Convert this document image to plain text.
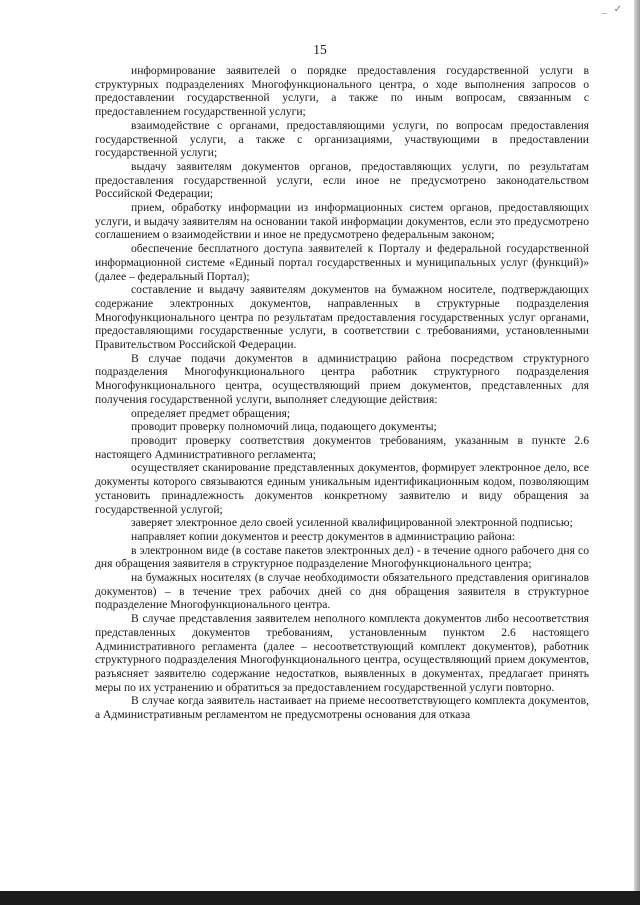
_ ✓
15

информирование заявителей о порядке предоставления государственной услуги в структурных подразделениях Многофункционального центра, о ходе выполнения запросов о предоставлении государственной услуги, а также по иным вопросам, связанным с предоставлением государственной услуги;

взаимодействие с органами, предоставляющими услуги, по вопросам предоставления государственной услуги, а также с организациями, участвующими в предоставлении государственной услуги;

выдачу заявителям документов органов, предоставляющих услуги, по результатам предоставления государственной услуги, если иное не предусмотрено законодательством Российской Федерации;

прием, обработку информации из информационных систем органов, предоставляющих услуги, и выдачу заявителям на основании такой информации документов, если это предусмотрено соглашением о взаимодействии и иное не предусмотрено федеральным законом;

обеспечение бесплатного доступа заявителей к Порталу и федеральной государственной информационной системе «Единый портал государственных и муниципальных услуг (функций)» (далее – федеральный Портал);

составление и выдачу заявителям документов на бумажном носителе, подтверждающих содержание электронных документов, направленных в структурные подразделения Многофункционального центра по результатам предоставления государственных услуг органами, предоставляющими государственные услуги, в соответствии с требованиями, установленными Правительством Российской Федерации.

В случае подачи документов в администрацию района посредством структурного подразделения Многофункционального центра работник структурного подразделения Многофункционального центра, осуществляющий прием документов, представленных для получения государственной услуги, выполняет следующие действия:

определяет предмет обращения;

проводит проверку полномочий лица, подающего документы;

проводит проверку соответствия документов требованиям, указанным в пункте 2.6 настоящего Административного регламента;

осуществляет сканирование представленных документов, формирует электронное дело, все документы которого связываются единым уникальным идентификационным кодом, позволяющим установить принадлежность документов конкретному заявителю и виду обращения за государственной услугой;

заверяет электронное дело своей усиленной квалифицированной электронной подписью;

направляет копии документов и реестр документов в администрацию района:

в электронном виде (в составе пакетов электронных дел) - в течение одного рабочего дня со дня обращения заявителя в структурное подразделение Многофункционального центра;

на бумажных носителях (в случае необходимости обязательного представления оригиналов документов) – в течение трех рабочих дней со дня обращения заявителя в структурное подразделение Многофункционального центра.

В случае представления заявителем неполного комплекта документов либо несоответствия представленных документов требованиям, установленным пунктом 2.6 настоящего Административного регламента (далее – несоответствующий комплект документов), работник структурного подразделения Многофункционального центра, осуществляющий прием документов, разъясняет заявителю содержание недостатков, выявленных в документах, предлагает принять меры по их устранению и обратиться за предоставлением государственной услуги повторно.

В случае когда заявитель настаивает на приеме несоответствующего комплекта документов, а Административным регламентом не предусмотрены основания для отказа
